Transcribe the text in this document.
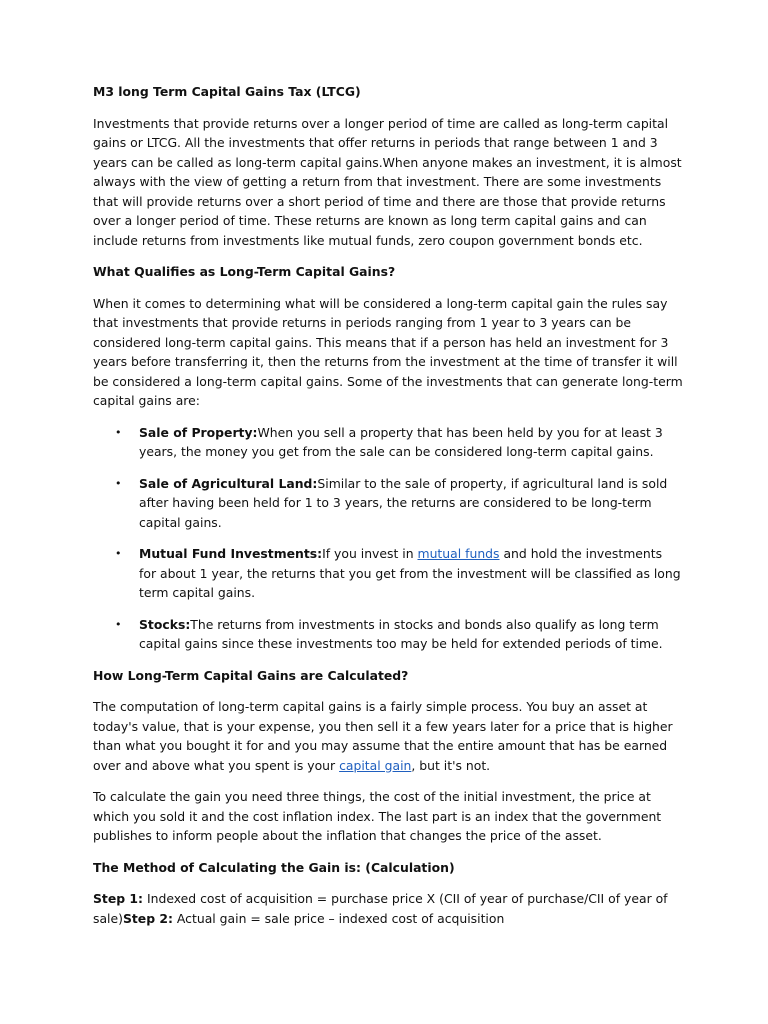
M3 long Term Capital Gains Tax (LTCG)

Investments that provide returns over a longer period of time are called as long-term capital gains or LTCG. All the investments that offer returns in periods that range between 1 and 3 years can be called as long-term capital gains.When anyone makes an investment, it is almost always with the view of getting a return from that investment. There are some investments that will provide returns over a short period of time and there are those that provide returns over a longer period of time. These returns are known as long term capital gains and can include returns from investments like mutual funds, zero coupon government bonds etc.

What Qualifies as Long-Term Capital Gains?

When it comes to determining what will be considered a long-term capital gain the rules say that investments that provide returns in periods ranging from 1 year to 3 years can be considered long-term capital gains. This means that if a person has held an investment for 3 years before transferring it, then the returns from the investment at the time of transfer it will be considered a long-term capital gains. Some of the investments that can generate long-term capital gains are:

• Sale of Property:When you sell a property that has been held by you for at least 3 years, the money you get from the sale can be considered long-term capital gains.
• Sale of Agricultural Land:Similar to the sale of property, if agricultural land is sold after having been held for 1 to 3 years, the returns are considered to be long-term capital gains.
• Mutual Fund Investments:If you invest in mutual funds and hold the investments for about 1 year, the returns that you get from the investment will be classified as long term capital gains.
• Stocks:The returns from investments in stocks and bonds also qualify as long term capital gains since these investments too may be held for extended periods of time.
How Long-Term Capital Gains are Calculated?

The computation of long-term capital gains is a fairly simple process. You buy an asset at today's value, that is your expense, you then sell it a few years later for a price that is higher than what you bought it for and you may assume that the entire amount that has be earned over and above what you spent is your capital gain, but it's not.

To calculate the gain you need three things, the cost of the initial investment, the price at which you sold it and the cost inflation index. The last part is an index that the government publishes to inform people about the inflation that changes the price of the asset.

The Method of Calculating the Gain is: (Calculation)

Step 1: Indexed cost of acquisition = purchase price X (CII of year of purchase/CII of year of sale)Step 2: Actual gain = sale price – indexed cost of acquisition
